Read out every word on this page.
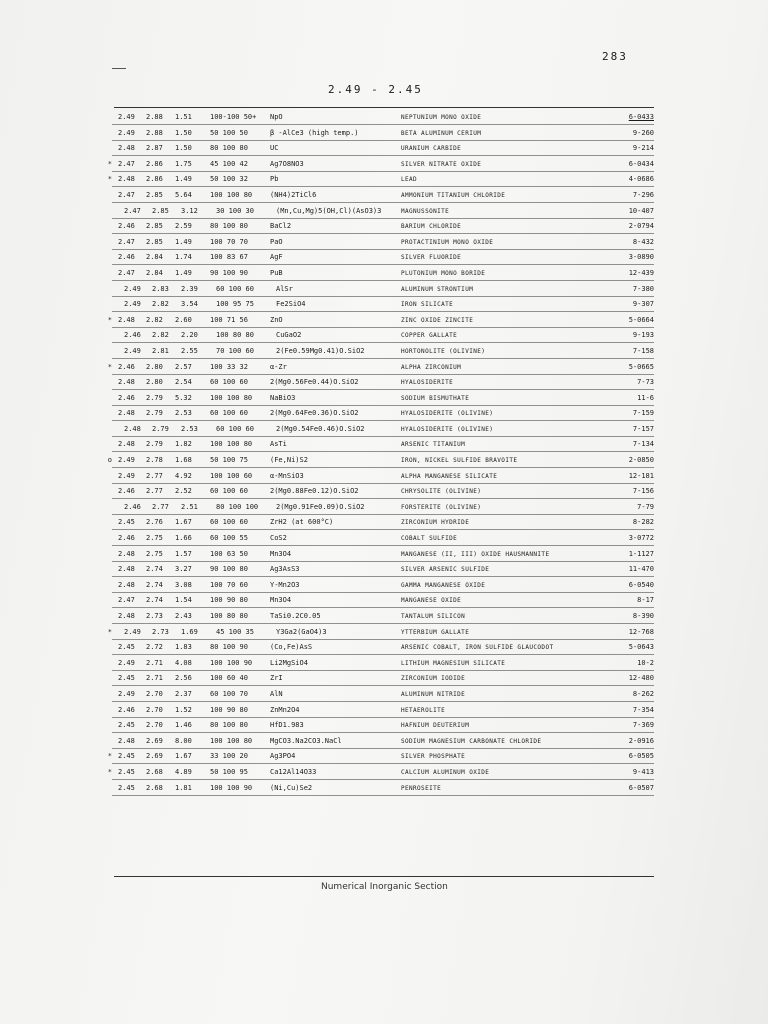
283
2.49 - 2.45
2.49 2.88 1.51	100-100 50+ NpO	NEPTUNIUM MONO OXIDE	6-0433
2.49 2.88 1.50	50 100 50	β -AlCe3 (high temp.)	BETA ALUMINUM CERIUM	9-260
2.48 2.87 1.50	80 100 80	UC	URANIUM CARBIDE	9-214
* 2.47 2.86 1.75	45 100 42	Ag7O8NO3	SILVER NITRATE OXIDE	6-0434
* 2.48 2.86 1.49	50 100 32	Pb	LEAD	4-0686
2.47 2.85 5.64	100 100 80	(NH4)2TiCl6	AMMONIUM TITANIUM CHLORIDE	7-296
2.47 2.85 3.12	30 100 30	(Mn,Cu,Mg)5(OH,Cl)(AsO3)3	MAGNUSSONITE	10-407
2.46 2.85 2.59	80 100 80	BaCl2	BARIUM CHLORIDE	2-0794
2.47 2.85 1.49	100 70 70	PaO	PROTACTINIUM MONO OXIDE	8-432
2.46 2.84 1.74	100 83 67	AgF	SILVER FLUORIDE	3-0890
2.47 2.84 1.49	90 100 90	PuB	PLUTONIUM MONO BORIDE	12-439
2.49 2.83 2.39	60 100 60	AlSr	ALUMINUM STRONTIUM	7-380
2.49 2.82 3.54	100 95 75	Fe2SiO4	IRON SILICATE	9-307
* 2.48 2.82 2.60	100 71 56	ZnO	ZINC OXIDE ZINCITE	5-0664
2.46 2.82 2.20	100 80 80	CuGaO2	COPPER GALLATE	9-193
2.49 2.81 2.55	70 100 60	2(Fe0.59Mg0.41)O.SiO2	HORTONOLITE (OLIVINE)	7-158
* 2.46 2.80 2.57	100 33 32	α-Zr	ALPHA ZIRCONIUM	5-0665
2.48 2.80 2.54	60 100 60	2(Mg0.56Fe0.44)O.SiO2	HYALOSIDERITE	7-73
2.46 2.79 5.32	100 100 80	NaBiO3	SODIUM BISMUTHATE	11-6
2.48 2.79 2.53	60 100 60	2(Mg0.64Fe0.36)O.SiO2	HYALOSIDERITE (OLIVINE)	7-159
2.48 2.79 2.53	60 100 60	2(Mg0.54Fe0.46)O.SiO2	HYALOSIDERITE (OLIVINE)	7-157
2.48 2.79 1.82	100 100 80	AsTi	ARSENIC TITANIUM	7-134
o 2.49 2.78 1.68	50 100 75	(Fe,Ni)S2	IRON, NICKEL SULFIDE BRAVOITE	2-0850
2.49 2.77 4.92	100 100 60	α-MnSiO3	ALPHA MANGANESE SILICATE	12-181
2.46 2.77 2.52	60 100 60	2(Mg0.88Fe0.12)O.SiO2	CHRYSOLITE (OLIVINE)	7-156
2.46 2.77 2.51	80 100 100	2(Mg0.91Fe0.09)O.SiO2	FORSTERITE (OLIVINE)	7-79
2.45 2.76 1.67	60 100 60	ZrH2 (at 600°C)	ZIRCONIUM HYDRIDE	8-282
2.46 2.75 1.66	60 100 55	CoS2	COBALT SULFIDE	3-0772
2.48 2.75 1.57	100 63 50	Mn3O4	MANGANESE (II, III) OXIDE HAUSMANNITE	1-1127
2.48 2.74 3.27	90 100 80	Ag3AsS3	SILVER ARSENIC SULFIDE	11-470
2.48 2.74 3.08	100 70 60	Y-Mn2O3	GAMMA MANGANESE OXIDE	6-0540
2.47 2.74 1.54	100 90 80	Mn3O4	MANGANESE OXIDE	8-17
2.48 2.73 2.43	100 80 80	TaSi0.2C0.05	TANTALUM SILICON	8-390
* 2.49 2.73 1.69	45 100 35	Y3Ga2(GaO4)3	YTTERBIUM GALLATE	12-768
2.45 2.72 1.83	80 100 90	(Co,Fe)AsS	ARSENIC COBALT, IRON SULFIDE GLAUCODOT	5-0643
2.49 2.71 4.08	100 100 90	Li2MgSiO4	LITHIUM MAGNESIUM SILICATE	10-2
2.45 2.71 2.56	100 60 40	ZrI	ZIRCONIUM IODIDE	12-480
2.49 2.70 2.37	60 100 70	AlN	ALUMINUM NITRIDE	8-262
2.46 2.70 1.52	100 90 80	ZnMn2O4	HETAEROLITE	7-354
2.45 2.70 1.46	80 100 80	HfD1.983	HAFNIUM DEUTERIUM	7-369
2.48 2.69 8.00	100 100 80	MgCO3.Na2CO3.NaCl	SODIUM MAGNESIUM CARBONATE CHLORIDE	2-0916
* 2.45 2.69 1.67	33 100 20	Ag3PO4	SILVER PHOSPHATE	6-0505
* 2.45 2.68 4.89	50 100 95	Ca12Al14O33	CALCIUM ALUMINUM OXIDE	9-413
2.45 2.68 1.81	100 100 90	(Ni,Cu)Se2	PENROSEITE	6-0507
Numerical Inorganic Section
